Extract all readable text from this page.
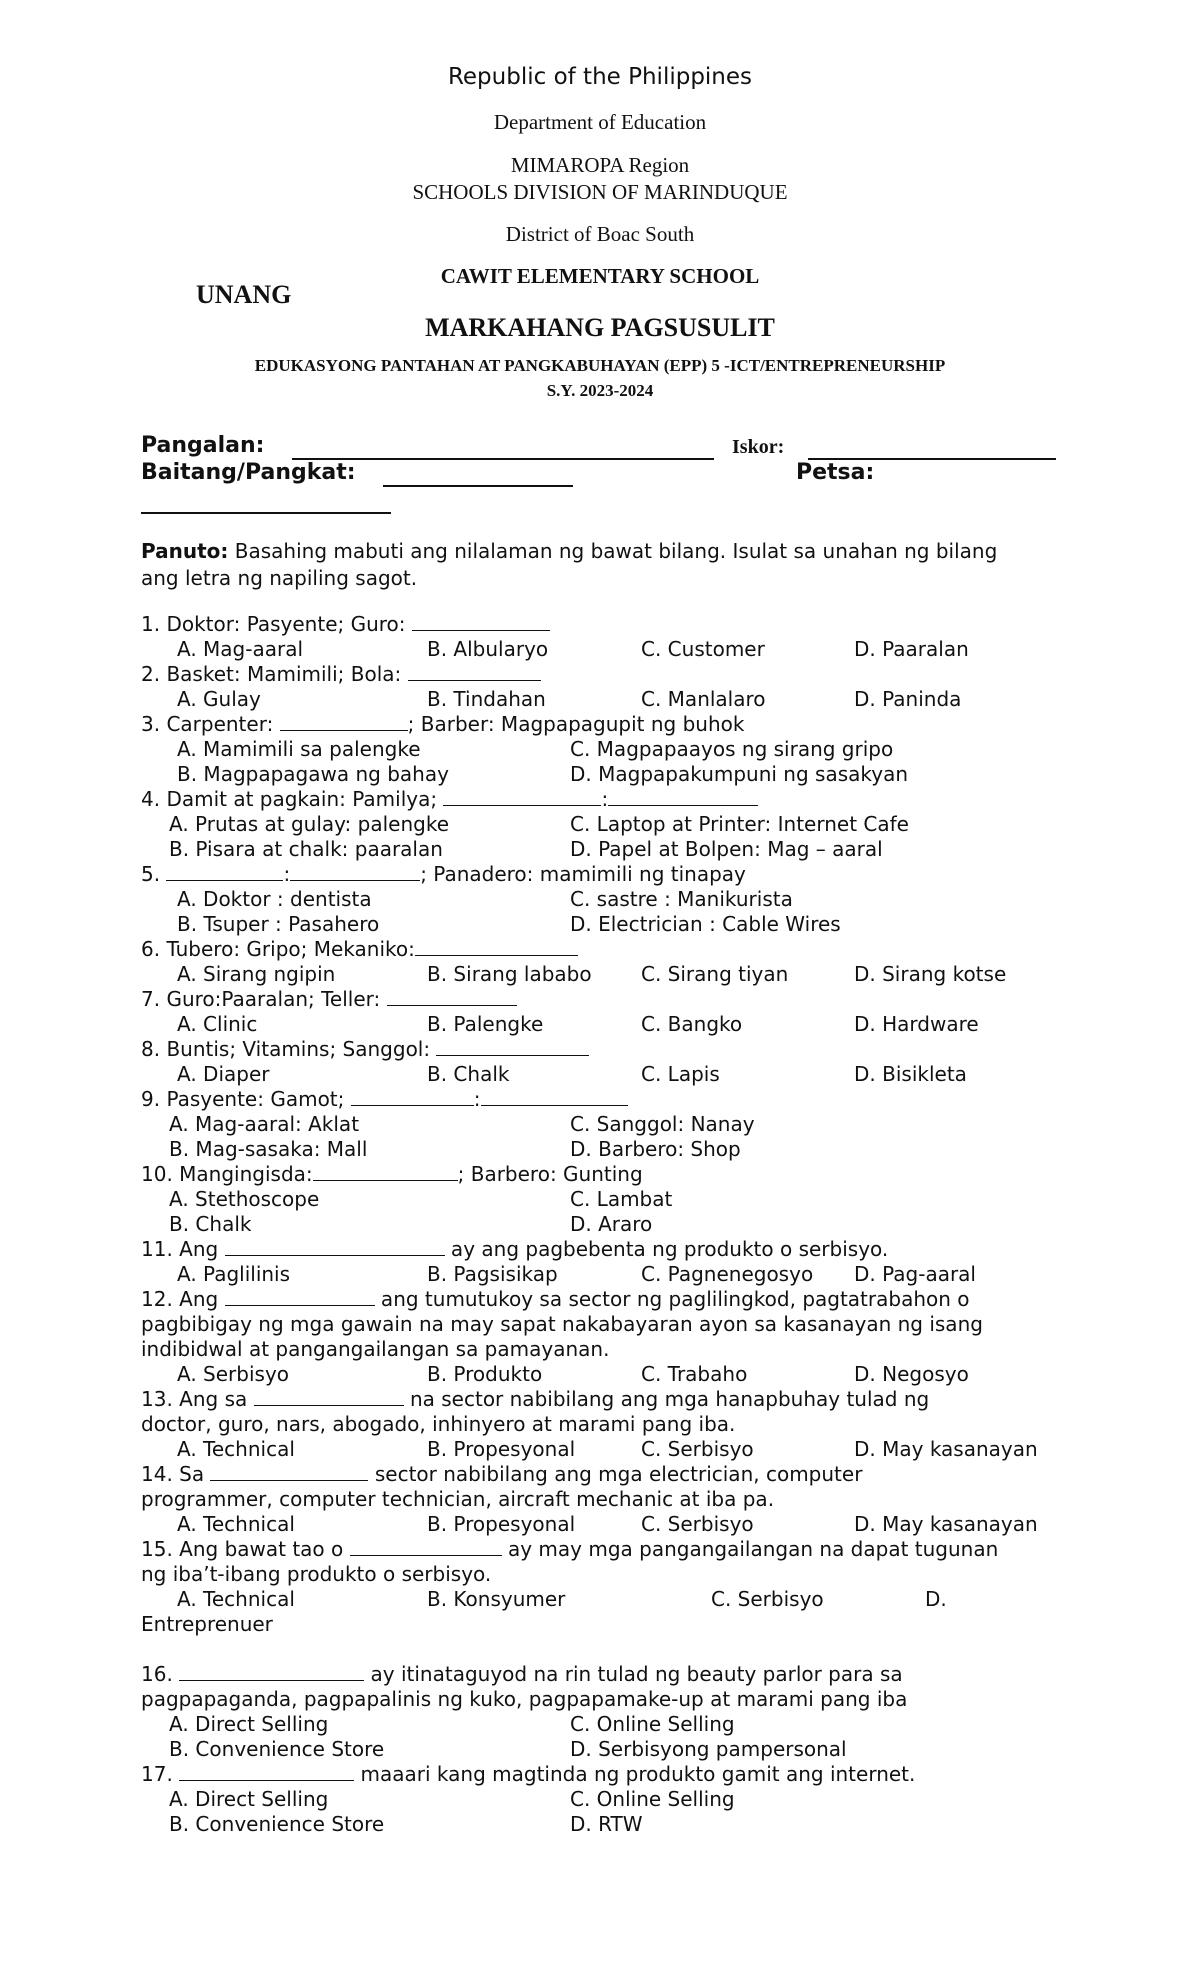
Republic of the Philippines
Department of Education
MIMAROPA Region
SCHOOLS DIVISION OF MARINDUQUE
District of Boac South
CAWIT ELEMENTARY SCHOOL
UNANG
MARKAHANG PAGSUSULIT
EDUKASYONG PANTAHAN AT PANGKABUHAYAN (EPP) 5 -ICT/ENTREPRENEURSHIP
S.Y. 2023-2024
Pangalan:	Iskor:
Baitang/Pangkat:	Petsa:
Panuto: Basahing mabuti ang nilalaman ng bawat bilang. Isulat sa unahan ng bilang ang letra ng napiling sagot.
1. Doktor: Pasyente; Guro:
A. Mag-aaral	B. Albularyo	C. Customer	D. Paaralan
2. Basket: Mamimili; Bola:
A. Gulay	B. Tindahan	C. Manlalaro	D. Paninda
3. Carpenter:	; Barber: Magpapagupit ng buhok
A. Mamimili sa palengke	C. Magpapaayos ng sirang gripo
B. Magpapagawa ng bahay	D. Magpapakumpuni ng sasakyan
4. Damit at pagkain: Pamilya;	:
A. Prutas at gulay: palengke	C. Laptop at Printer: Internet Cafe
B. Pisara at chalk: paaralan	D. Papel at Bolpen: Mag – aaral
5.	:	; Panadero: mamimili ng tinapay
A. Doktor : dentista	C. sastre : Manikurista
B. Tsuper : Pasahero	D. Electrician : Cable Wires
6. Tubero: Gripo; Mekaniko:
A. Sirang ngipin	B. Sirang lababo C. Sirang tiyan	D. Sirang kotse
7. Guro:Paaralan; Teller:
A. Clinic	B. Palengke	C. Bangko	D. Hardware
8. Buntis; Vitamins; Sanggol:
A. Diaper	B. Chalk	C. Lapis	D. Bisikleta
9. Pasyente: Gamot;	:
A. Mag-aaral: Aklat	C. Sanggol: Nanay
B. Mag-sasaka: Mall	D. Barbero: Shop
10. Mangingisda:	; Barbero: Gunting
A. Stethoscope	C. Lambat
B. Chalk	D. Araro
11. Ang	ay ang pagbebenta ng produkto o serbisyo.
A. Paglilinis	B. Pagsisikap	C. Pagnenegosyo D. Pag-aaral
12. Ang	ang tumutukoy sa sector ng paglilingkod, pagtatrabahon o
pagbibigay ng mga gawain na may sapat nakabayaran ayon sa kasanayan ng isang
indibidwal at pangangailangan sa pamayanan.
A. Serbisyo	B. Produkto	C. Trabaho	D. Negosyo
13. Ang sa	na sector nabibilang ang mga hanapbuhay tulad ng
doctor, guro, nars, abogado, inhinyero at marami pang iba.
A. Technical	B. Propesyonal	C. Serbisyo	D. May kasanayan
14. Sa	sector nabibilang ang mga electrician, computer
programmer, computer technician, aircraft mechanic at iba pa.
A. Technical	B. Propesyonal	C. Serbisyo	D. May kasanayan
15. Ang bawat tao o	ay may mga pangangailangan na dapat tugunan
ng iba’t-ibang produkto o serbisyo.
A. Technical	B. Konsyumer	C. Serbisyo	D.
Entreprenuer
16.	ay itinataguyod na rin tulad ng beauty parlor para sa
pagpapaganda, pagpapalinis ng kuko, pagpapamake-up at marami pang iba
A. Direct Selling	C. Online Selling
B. Convenience Store	D. Serbisyong pampersonal
17.	maaari kang magtinda ng produkto gamit ang internet.
A. Direct Selling	C. Online Selling
B. Convenience Store	D. RTW
